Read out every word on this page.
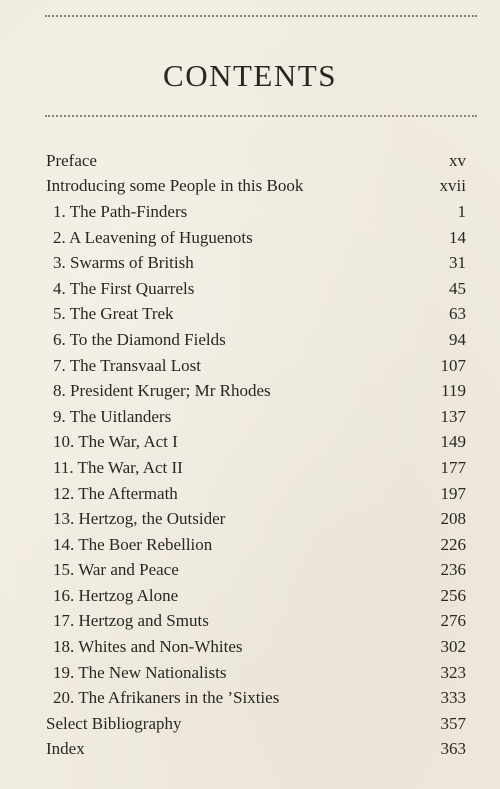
CONTENTS
Preface	xv
Introducing some People in this Book	xvii
1. The Path-Finders	1
2. A Leavening of Huguenots	14
3. Swarms of British	31
4. The First Quarrels	45
5. The Great Trek	63
6. To the Diamond Fields	94
7. The Transvaal Lost	107
8. President Kruger; Mr Rhodes	119
9. The Uitlanders	137
10. The War, Act I	149
11. The War, Act II	177
12. The Aftermath	197
13. Hertzog, the Outsider	208
14. The Boer Rebellion	226
15. War and Peace	236
16. Hertzog Alone	256
17. Hertzog and Smuts	276
18. Whites and Non-Whites	302
19. The New Nationalists	323
20. The Afrikaners in the ’Sixties	333
Select Bibliography	357
Index	363
